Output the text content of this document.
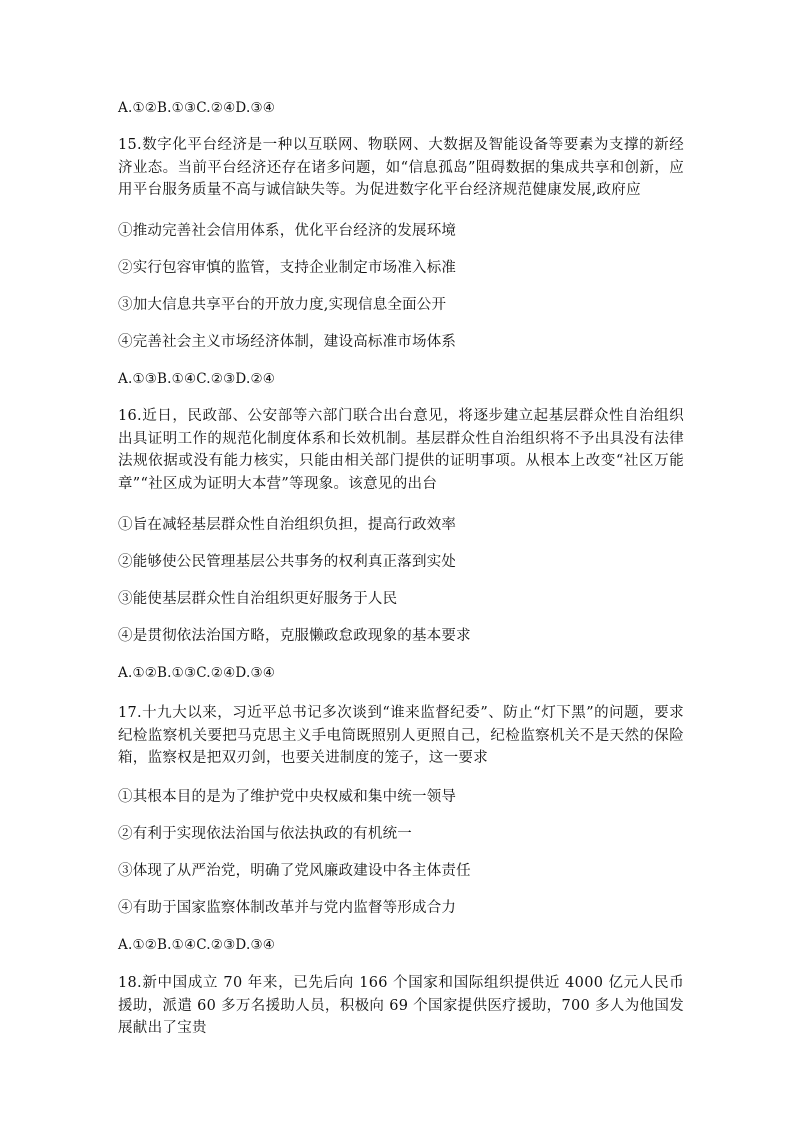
A.①②B.①③C.②④D.③④
15.数字化平台经济是一种以互联网、物联网、大数据及智能设备等要素为支撑的新经济业态。当前平台经济还存在诸多问题，如“信息孤岛”阻碍数据的集成共享和创新，应用平台服务质量不高与诚信缺失等。为促进数字化平台经济规范健康发展,政府应
①推动完善社会信用体系，优化平台经济的发展环境
②实行包容审慎的监管，支持企业制定市场准入标准
③加大信息共享平台的开放力度,实现信息全面公开
④完善社会主义市场经济体制，建设高标准市场体系
A.①③B.①④C.②③D.②④
16.近日，民政部、公安部等六部门联合出台意见，将逐步建立起基层群众性自治组织出具证明工作的规范化制度体系和长效机制。基层群众性自治组织将不予出具没有法律法规依据或没有能力核实，只能由相关部门提供的证明事项。从根本上改变“社区万能章”“社区成为证明大本营”等现象。该意见的出台
①旨在减轻基层群众性自治组织负担，提高行政效率
②能够使公民管理基层公共事务的权利真正落到实处
③能使基层群众性自治组织更好服务于人民
④是贯彻依法治国方略，克服懒政怠政现象的基本要求
A.①②B.①③C.②④D.③④
17.十九大以来，习近平总书记多次谈到“谁来监督纪委”、防止“灯下黑”的问题，要求纪检监察机关要把马克思主义手电筒既照别人更照自己，纪检监察机关不是天然的保险箱，监察权是把双刃剑，也要关进制度的笼子，这一要求
①其根本目的是为了维护党中央权威和集中统一领导
②有利于实现依法治国与依法执政的有机统一
③体现了从严治党，明确了党风廉政建设中各主体责任
④有助于国家监察体制改革并与党内监督等形成合力
A.①②B.①④C.②③D.③④
18.新中国成立 70 年来，已先后向 166 个国家和国际组织提供近 4000 亿元人民币援助，派遣 60 多万名援助人员，积极向 69 个国家提供医疗援助，700 多人为他国发展献出了宝贵
